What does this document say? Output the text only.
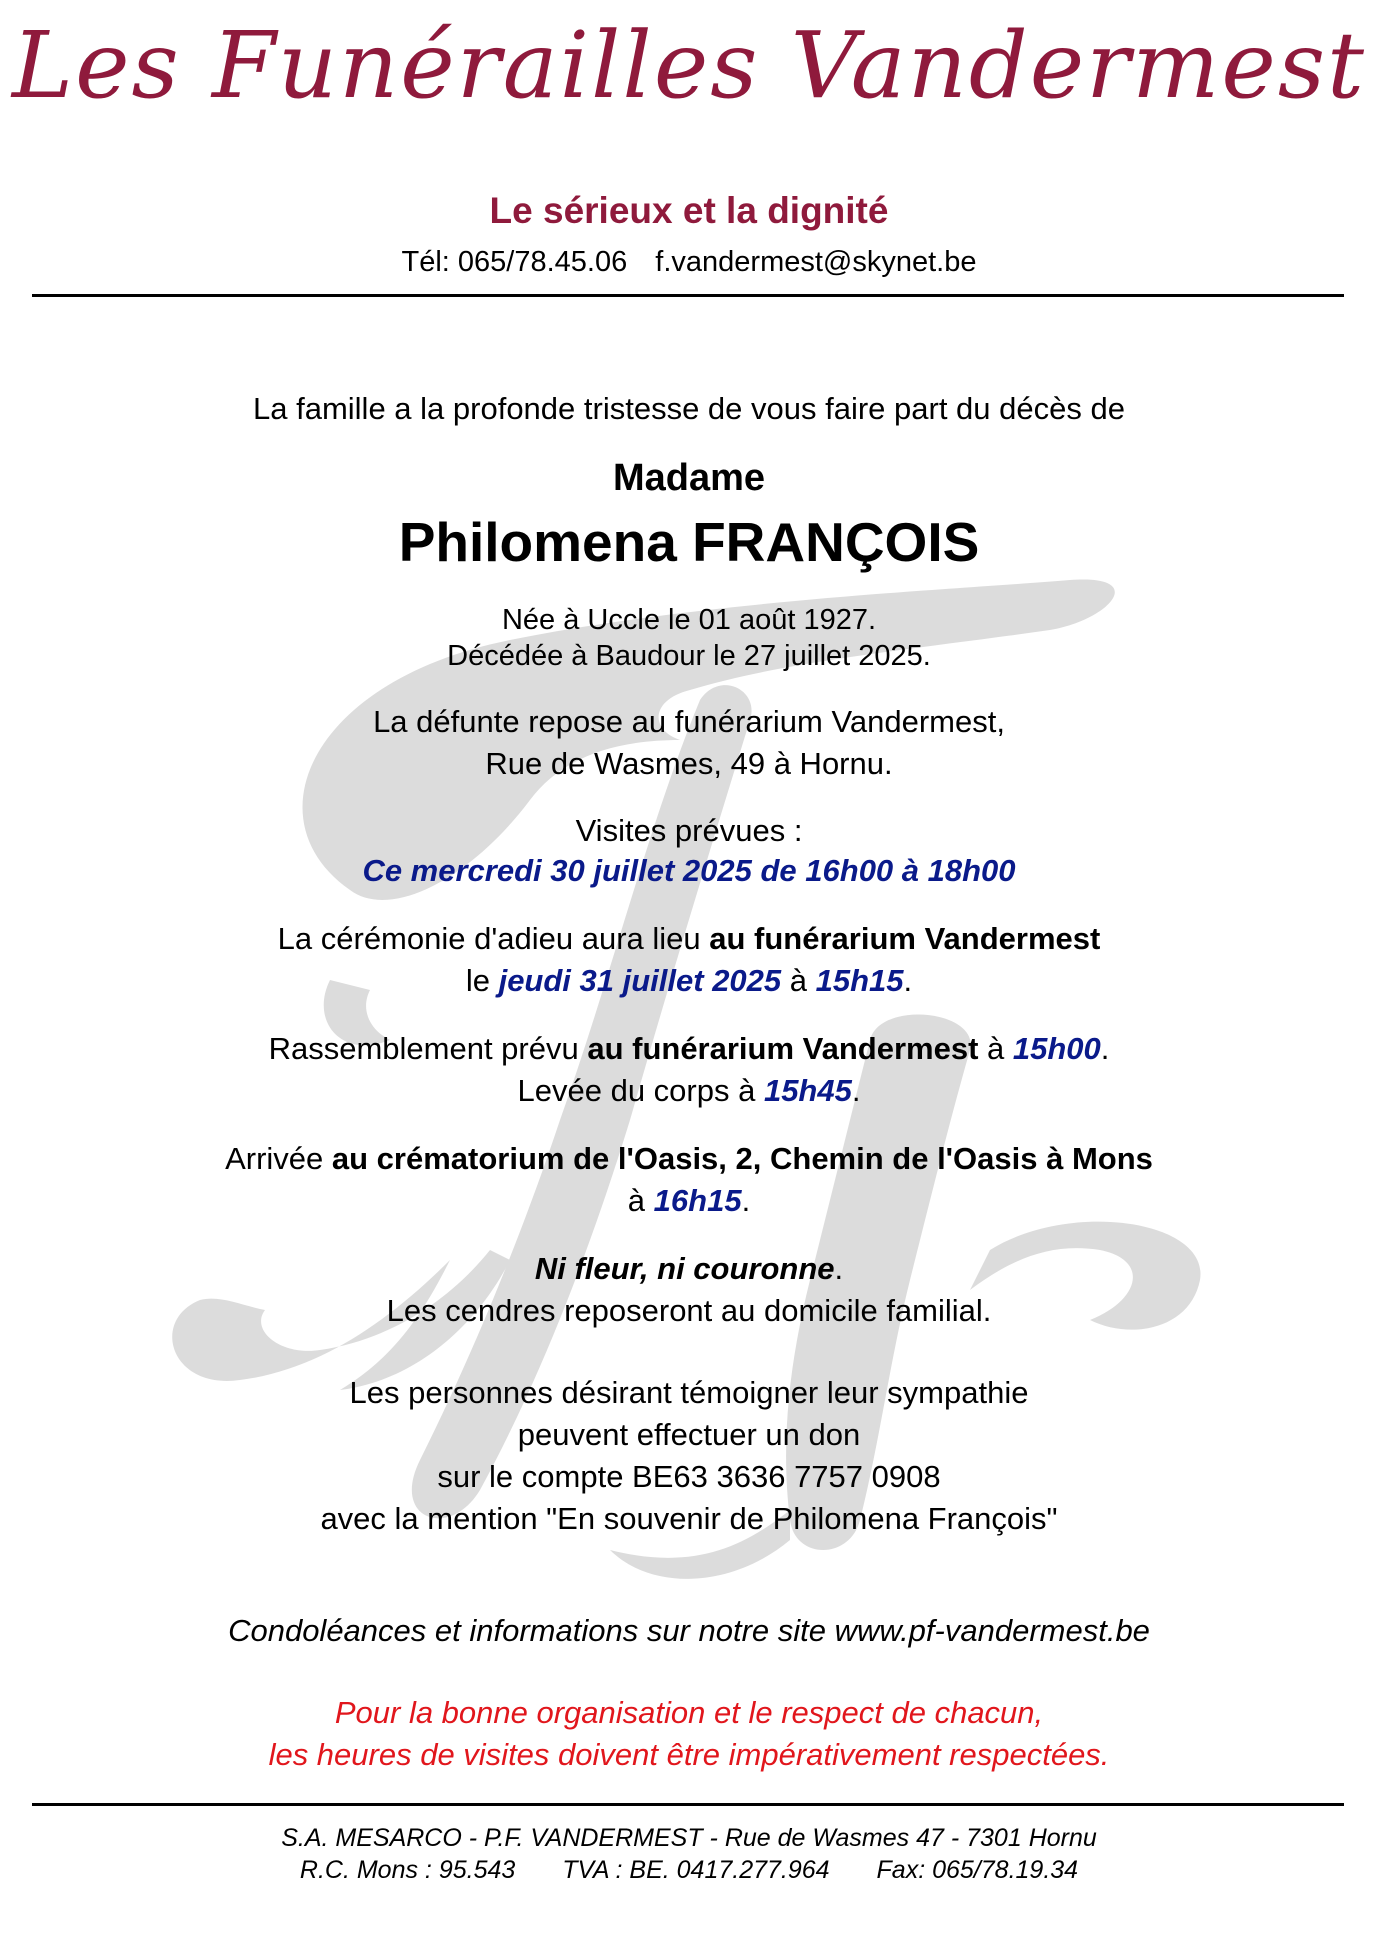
Les Funérailles Vandermest
Le sérieux et la dignité
Tél: 065/78.45.06 f.vandermest@skynet.be
La famille a la profonde tristesse de vous faire part du décès de
Madame
Philomena FRANÇOIS
Née à Uccle le 01 août 1927.
Décédée à Baudour le 27 juillet 2025.
La défunte repose au funérarium Vandermest,
Rue de Wasmes, 49 à Hornu.
Visites prévues :
Ce mercredi 30 juillet 2025 de 16h00 à 18h00
La cérémonie d'adieu aura lieu au funérarium Vandermest
le jeudi 31 juillet 2025 à 15h15.
Rassemblement prévu au funérarium Vandermest à 15h00.
Levée du corps à 15h45.
Arrivée au crématorium de l'Oasis, 2, Chemin de l'Oasis à Mons
à 16h15.
Ni fleur, ni couronne.
Les cendres reposeront au domicile familial.
Les personnes désirant témoigner leur sympathie
peuvent effectuer un don
sur le compte BE63 3636 7757 0908
avec la mention "En souvenir de Philomena François"
Condoléances et informations sur notre site www.pf-vandermest.be
Pour la bonne organisation et le respect de chacun,
les heures de visites doivent être impérativement respectées.
S.A. MESARCO - P.F. VANDERMEST - Rue de Wasmes 47 - 7301 Hornu
R.C. Mons : 95.543 TVA : BE. 0417.277.964 Fax: 065/78.19.34
